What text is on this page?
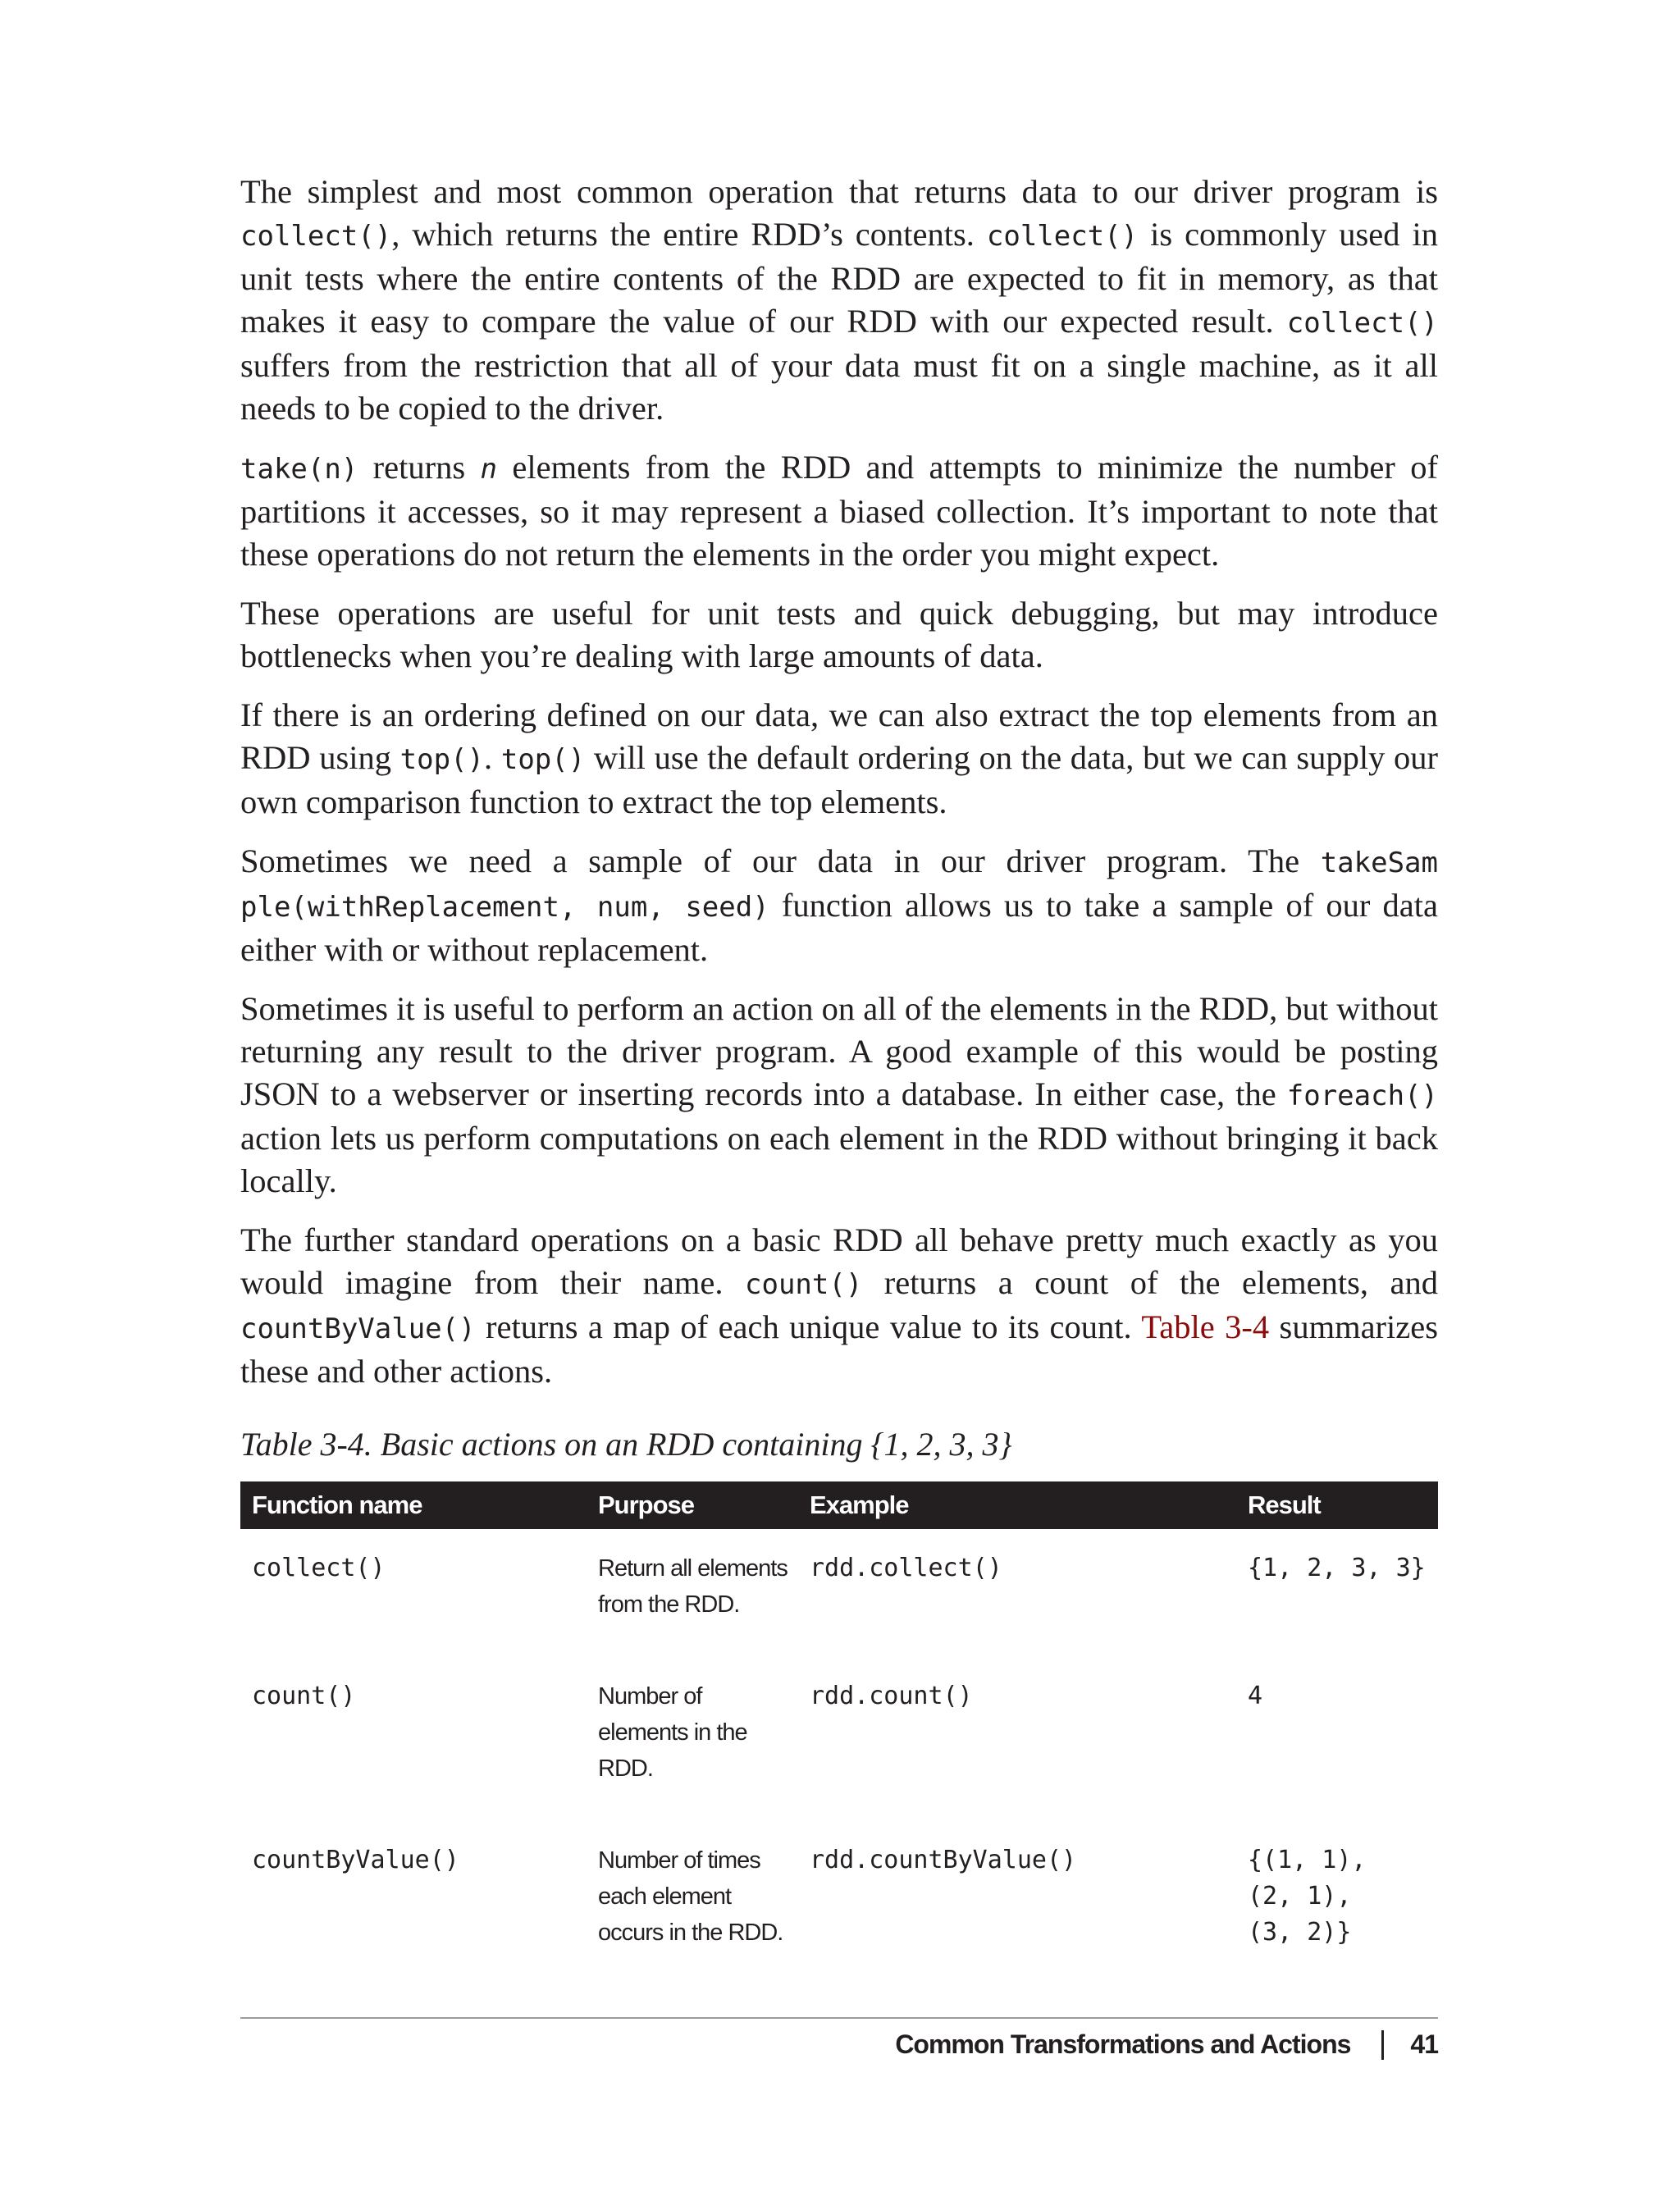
The simplest and most common operation that returns data to our driver program is collect(), which returns the entire RDD’s contents. collect() is commonly used in unit tests where the entire contents of the RDD are expected to fit in memory, as that makes it easy to compare the value of our RDD with our expected result. collect() suffers from the restriction that all of your data must fit on a single machine, as it all needs to be copied to the driver.

take(n) returns n elements from the RDD and attempts to minimize the number of partitions it accesses, so it may represent a biased collection. It’s important to note that these operations do not return the elements in the order you might expect.

These operations are useful for unit tests and quick debugging, but may introduce bottlenecks when you’re dealing with large amounts of data.

If there is an ordering defined on our data, we can also extract the top elements from an RDD using top(). top() will use the default ordering on the data, but we can supply our own comparison function to extract the top elements.

Sometimes we need a sample of our data in our driver program. The takeSam ple(withReplacement, num, seed) function allows us to take a sample of our data either with or without replacement.

Sometimes it is useful to perform an action on all of the elements in the RDD, but without returning any result to the driver program. A good example of this would be posting JSON to a webserver or inserting records into a database. In either case, the foreach() action lets us perform computations on each element in the RDD without bringing it back locally.

The further standard operations on a basic RDD all behave pretty much exactly as you would imagine from their name. count() returns a count of the elements, and countByValue() returns a map of each unique value to its count. Table 3-4 summarizes these and other actions.

Table 3-4. Basic actions on an RDD containing {1, 2, 3, 3}
Function name	Purpose	Example	Result
collect()	Return all elements from the RDD.	rdd.collect()	{1, 2, 3, 3}

count()	Number of elements in the RDD.	rdd.count()	4

countByValue()	Number of times each element occurs in the RDD.	rdd.countByValue()	{(1, 1),
(2, 1),
(3, 2)}
Common Transformations and Actions 41
